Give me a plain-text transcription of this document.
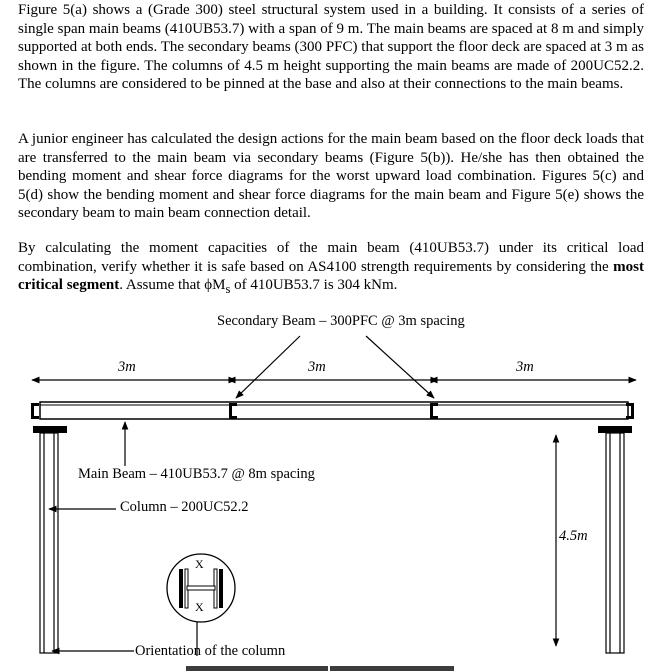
Figure 5(a) shows a (Grade 300) steel structural system used in a building. It consists of a series of single span main beams (410UB53.7) with a span of 9 m. The main beams are spaced at 8 m and simply supported at both ends. The secondary beams (300 PFC) that support the floor deck are spaced at 3 m as shown in the figure. The columns of 4.5 m height supporting the main beams are made of 200UC52.2. The columns are considered to be pinned at the base and also at their connections to the main beams.
A junior engineer has calculated the design actions for the main beam based on the floor deck loads that are transferred to the main beam via secondary beams (Figure 5(b)). He/she has then obtained the bending moment and shear force diagrams for the worst upward load combination. Figures 5(c) and 5(d) show the bending moment and shear force diagrams for the main beam and Figure 5(e) shows the secondary beam to main beam connection detail.
By calculating the moment capacities of the main beam (410UB53.7) under its critical load combination, verify whether it is safe based on AS4100 strength requirements by considering the most critical segment. Assume that $\phi M_s$ of 410UB53.7 is 304 kNm.
Secondary Beam – 300PFC @ 3m spacing
3m	3m	3m
Main Beam – 410UB53.7 @ 8m spacing
Column – 200UC52.2
4.5m
X
X
Orientation of the column
